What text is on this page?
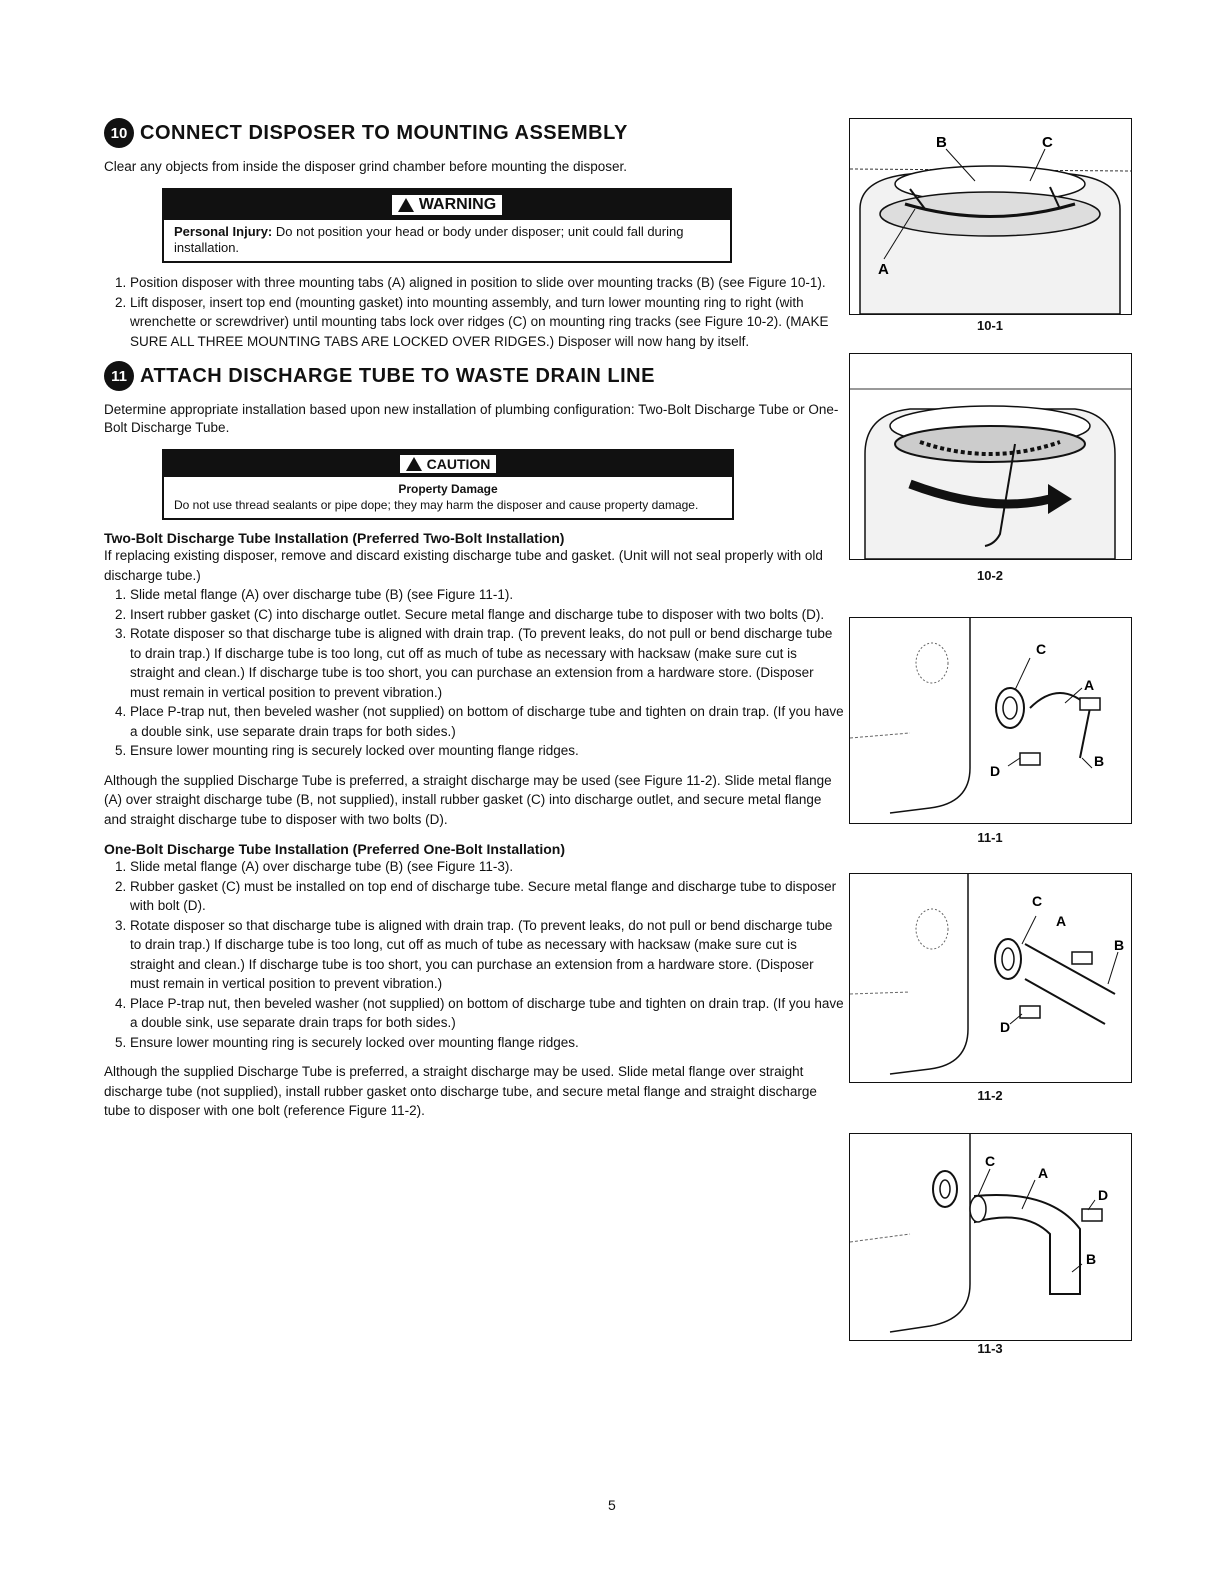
10 CONNECT DISPOSER TO MOUNTING ASSEMBLY

Clear any objects from inside the disposer grind chamber before mounting the disposer.

WARNING
Personal Injury: Do not position your head or body under disposer; unit could fall during installation.
1. Position disposer with three mounting tabs (A) aligned in position to slide over mounting tracks (B) (see Figure 10-1).
2. Lift disposer, insert top end (mounting gasket) into mounting assembly, and turn lower mounting ring to right (with wrenchette or screwdriver) until mounting tabs lock over ridges (C) on mounting ring tracks (see Figure 10-2). (MAKE SURE ALL THREE MOUNTING TABS ARE LOCKED OVER RIDGES.) Disposer will now hang by itself.
11 ATTACH DISCHARGE TUBE TO WASTE DRAIN LINE

Determine appropriate installation based upon new installation of plumbing configuration: Two-Bolt Discharge Tube or One-Bolt Discharge Tube.

CAUTION
Property Damage
Do not use thread sealants or pipe dope; they may harm the disposer and cause property damage.
Two-Bolt Discharge Tube Installation (Preferred Two-Bolt Installation)

If replacing existing disposer, remove and discard existing discharge tube and gasket. (Unit will not seal properly with old discharge tube.)

1. Slide metal flange (A) over discharge tube (B) (see Figure 11-1).
2. Insert rubber gasket (C) into discharge outlet. Secure metal flange and discharge tube to disposer with two bolts (D).
3. Rotate disposer so that discharge tube is aligned with drain trap. (To prevent leaks, do not pull or bend discharge tube to drain trap.) If discharge tube is too long, cut off as much of tube as necessary with hacksaw (make sure cut is straight and clean.) If discharge tube is too short, you can purchase an extension from a hardware store. (Disposer must remain in vertical position to prevent vibration.)
4. Place P-trap nut, then beveled washer (not supplied) on bottom of discharge tube and tighten on drain trap. (If you have a double sink, use separate drain traps for both sides.)
5. Ensure lower mounting ring is securely locked over mounting flange ridges.

Although the supplied Discharge Tube is preferred, a straight discharge may be used (see Figure 11-2). Slide metal flange (A) over straight discharge tube (B, not supplied), install rubber gasket (C) into discharge outlet, and secure metal flange and straight discharge tube to disposer with two bolts (D).

One-Bolt Discharge Tube Installation (Preferred One-Bolt Installation)
1. Slide metal flange (A) over discharge tube (B) (see Figure 11-3).
2. Rubber gasket (C) must be installed on top end of discharge tube. Secure metal flange and discharge tube to disposer with bolt (D).
3. Rotate disposer so that discharge tube is aligned with drain trap. (To prevent leaks, do not pull or bend discharge tube to drain trap.) If discharge tube is too long, cut off as much of tube as necessary with hacksaw (make sure cut is straight and clean.) If discharge tube is too short, you can purchase an extension from a hardware store. (Disposer must remain in vertical position to prevent vibration.)
4. Place P-trap nut, then beveled washer (not supplied) on bottom of discharge tube and tighten on drain trap. (If you have a double sink, use separate drain traps for both sides.)
5. Ensure lower mounting ring is securely locked over mounting flange ridges.

Although the supplied Discharge Tube is preferred, a straight discharge may be used. Slide metal flange over straight discharge tube (not supplied), install rubber gasket onto discharge tube, and secure metal flange and straight discharge tube to disposer with one bolt (reference Figure 11-2).

B	C
A
10-1
10-2
C
A
B
D
11-1
C
A
B
D
11-2
C
A
D
B
11-3
5
